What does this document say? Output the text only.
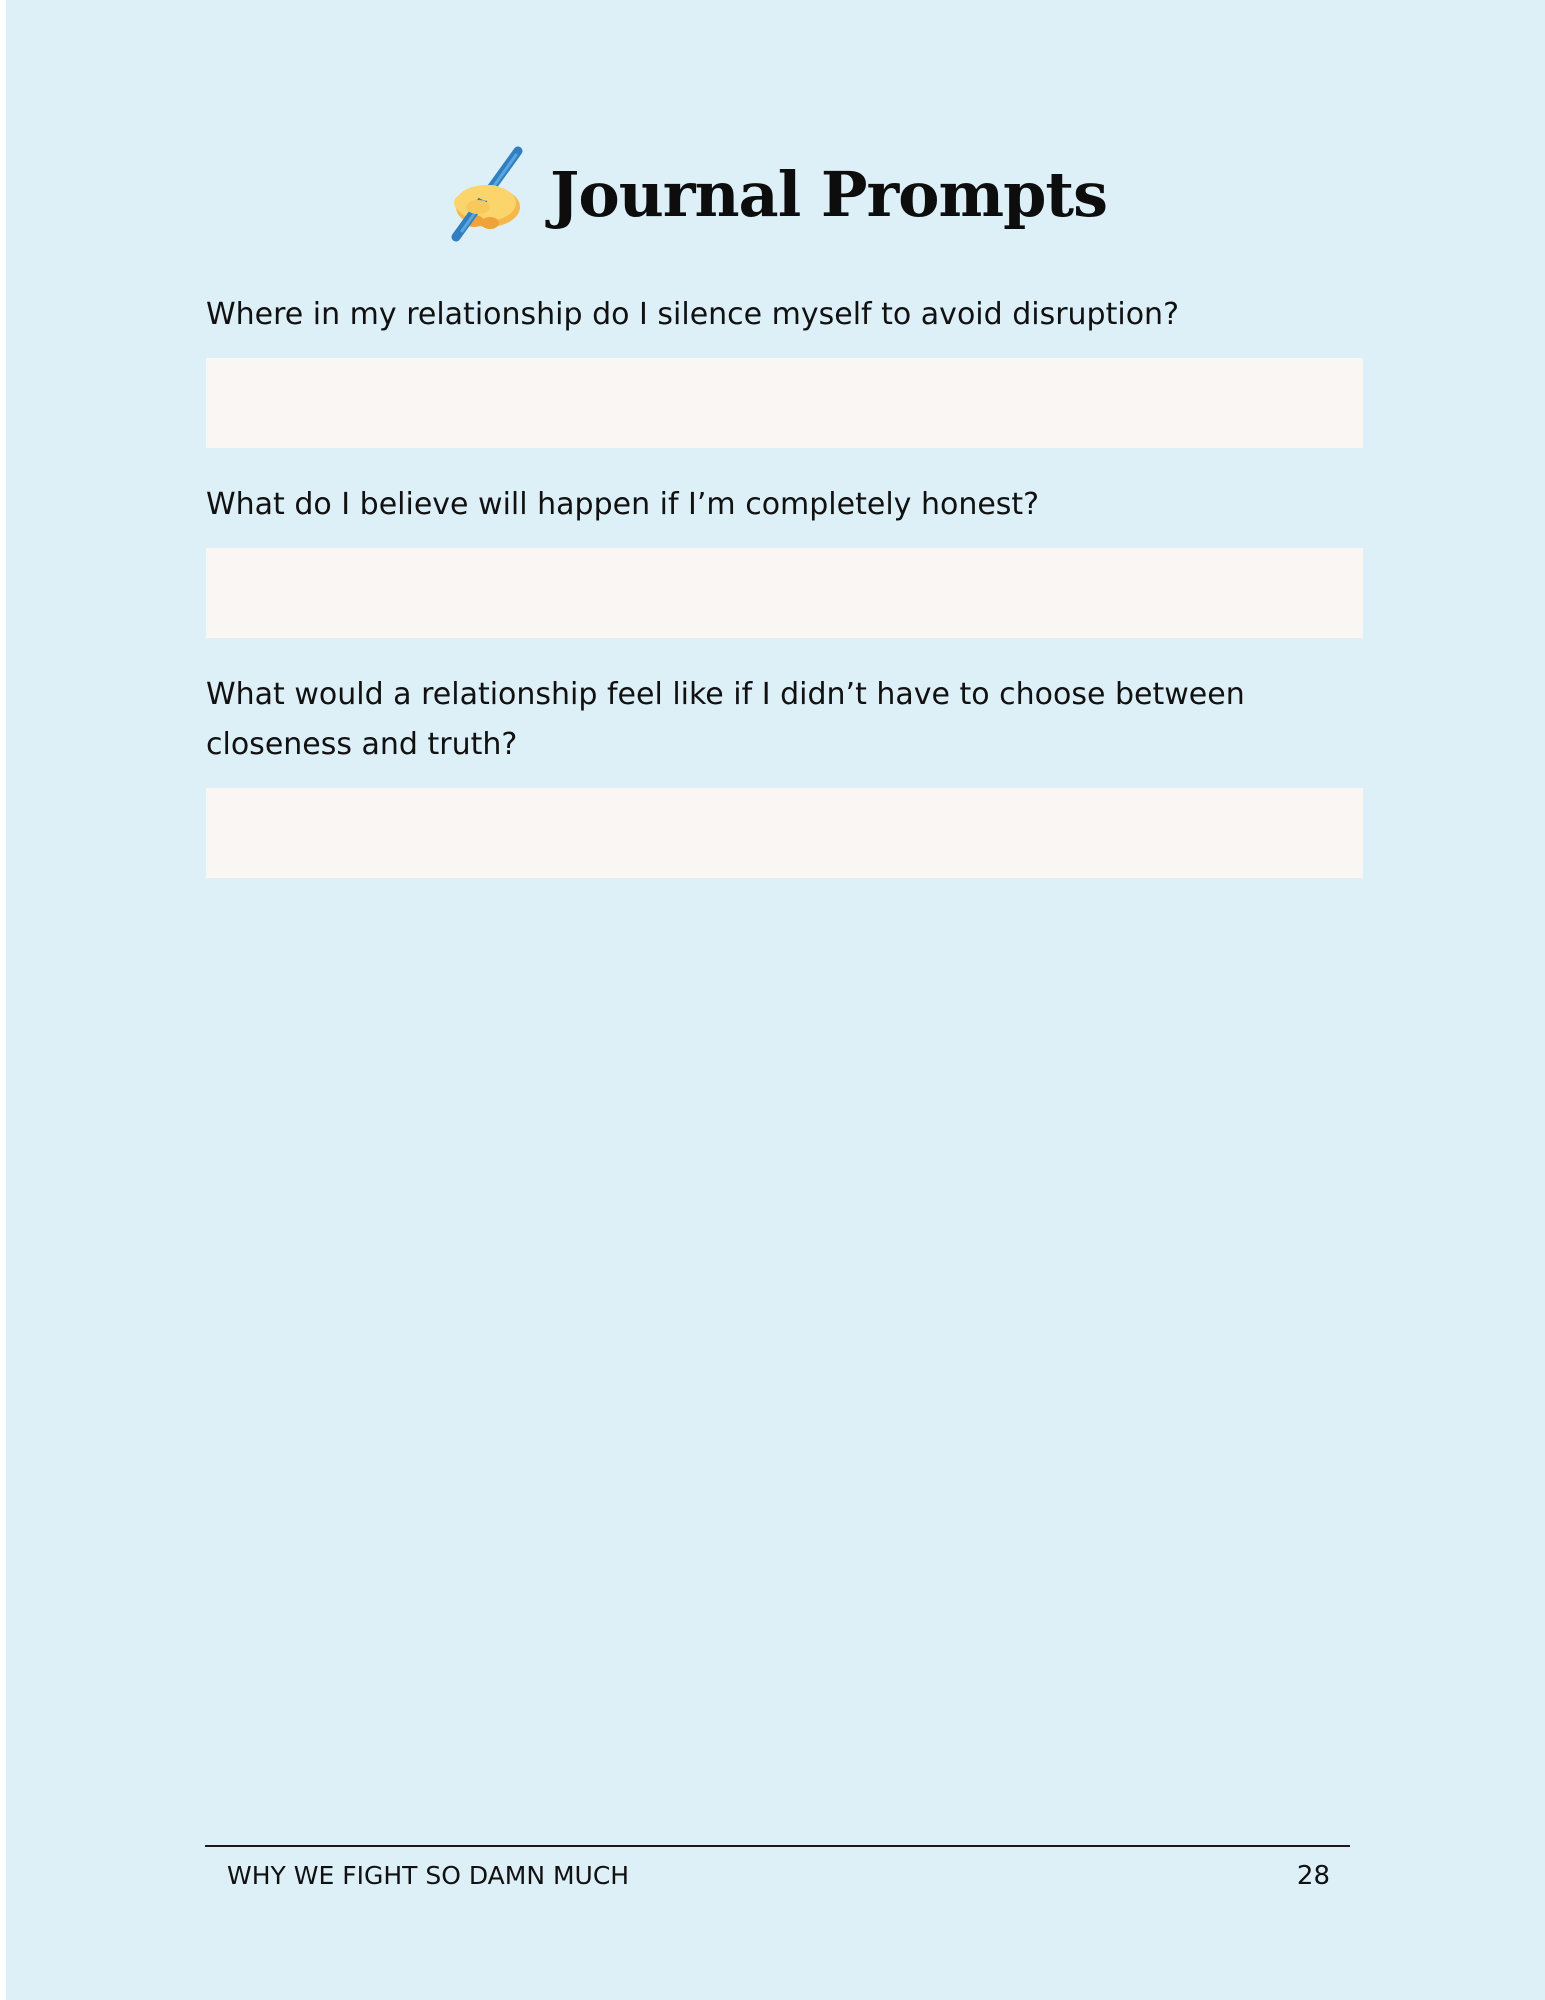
Journal Prompts

Where in my relationship do I silence myself to avoid disruption?

What do I believe will happen if I’m completely honest?

What would a relationship feel like if I didn’t have to choose between closeness and truth?

WHY WE FIGHT SO DAMN MUCH	28
